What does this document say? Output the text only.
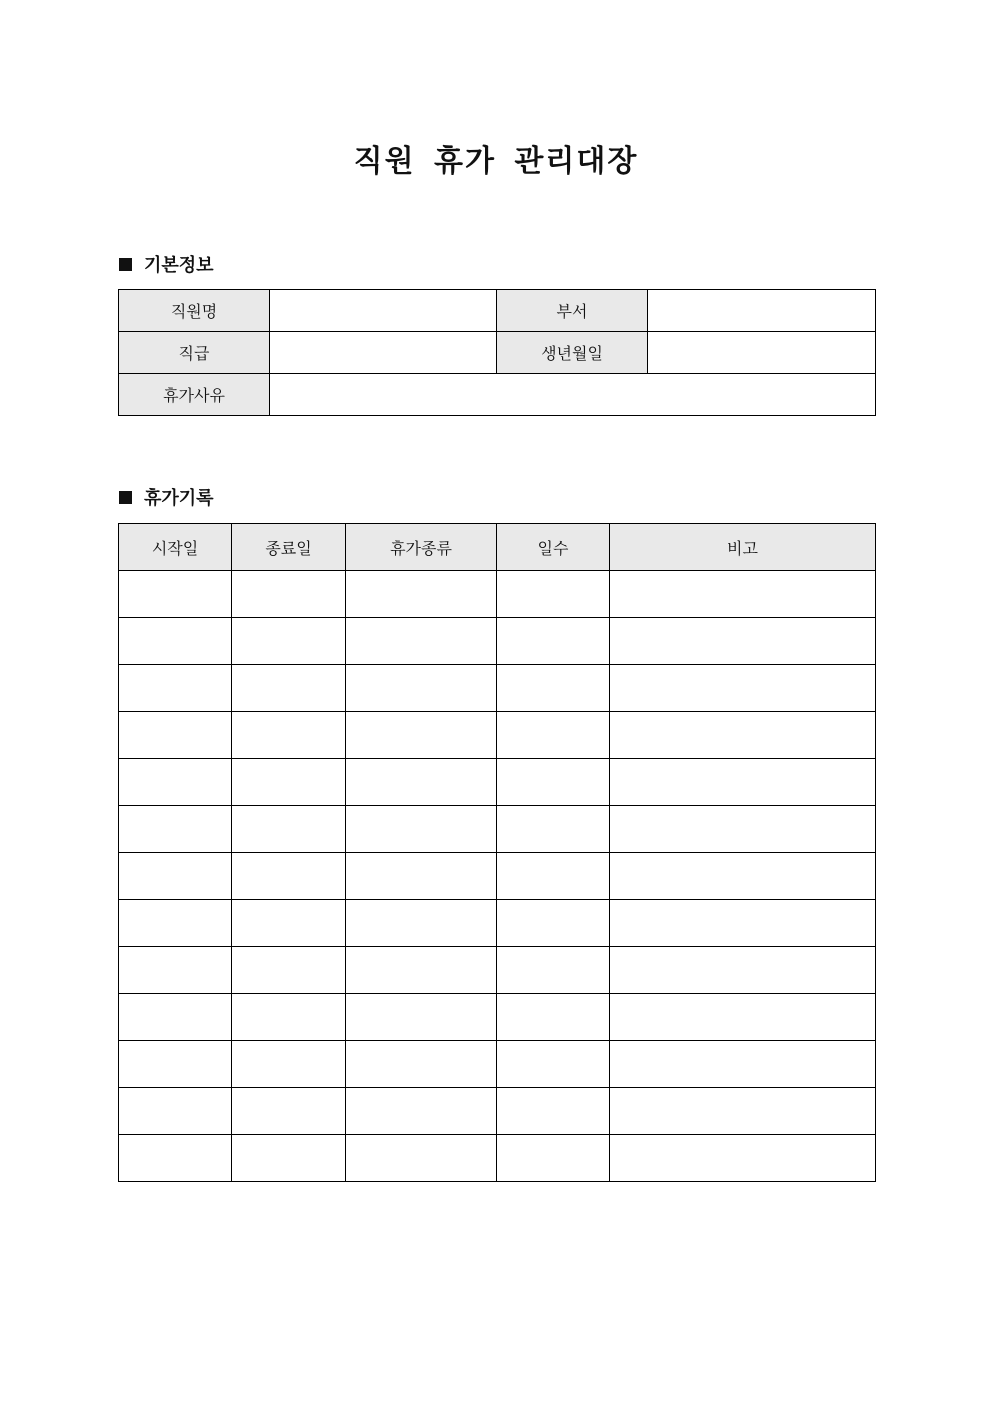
직원 휴가 관리대장
기본정보
직원명		부서	
직급		생년월일	
휴가사유			
휴가기록
시작일	종료일	휴가종류	일수	비고
